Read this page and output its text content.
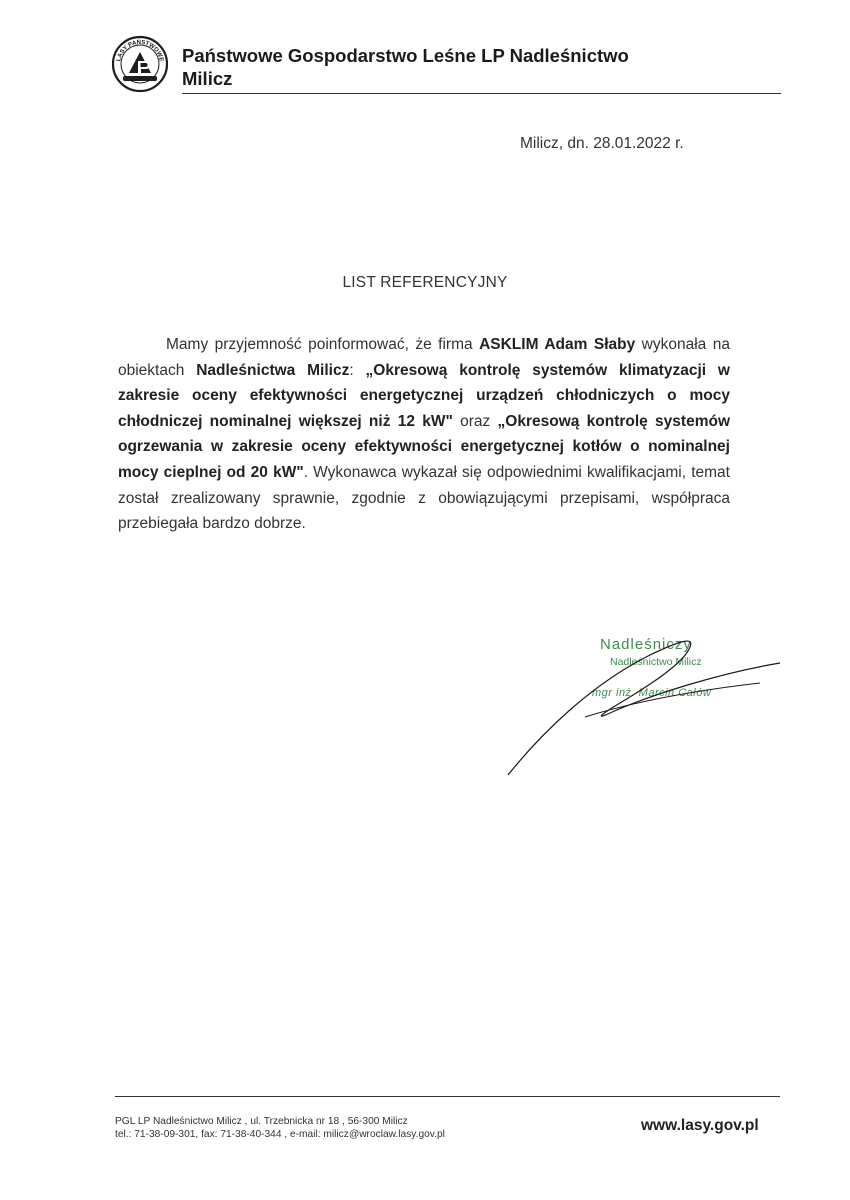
LASY PAŃSTWOWE Państwowe Gospodarstwo Leśne LP Nadleśnictwo
Milicz
Milicz, dn. 28.01.2022 r.
LIST REFERENCYJNY
Mamy przyjemność poinformować, że firma ASKLIM Adam Słaby wykonała na obiektach Nadleśnictwa Milicz: „Okresową kontrolę systemów klimatyzacji w zakresie oceny efektywności energetycznej urządzeń chłodniczych o mocy chłodniczej nominalnej większej niż 12 kW" oraz „Okresową kontrolę systemów ogrzewania w zakresie oceny efektywności energetycznej kotłów o nominalnej mocy cieplnej od 20 kW". Wykonawca wykazał się odpowiednimi kwalifikacjami, temat został zrealizowany sprawnie, zgodnie z obowiązującymi przepisami, współpraca przebiegała bardzo dobrze.
Nadleśniczy
Nadleśnictwo Milicz
mgr inż. Marcin Całów
PGL LP Nadleśnictwo Milicz , ul. Trzebnicka nr 18 , 56-300 Milicz
tel.: 71-38-09-301, fax: 71-38-40-344 , e-mail: milicz@wroclaw.lasy.gov.pl
www.lasy.gov.pl
